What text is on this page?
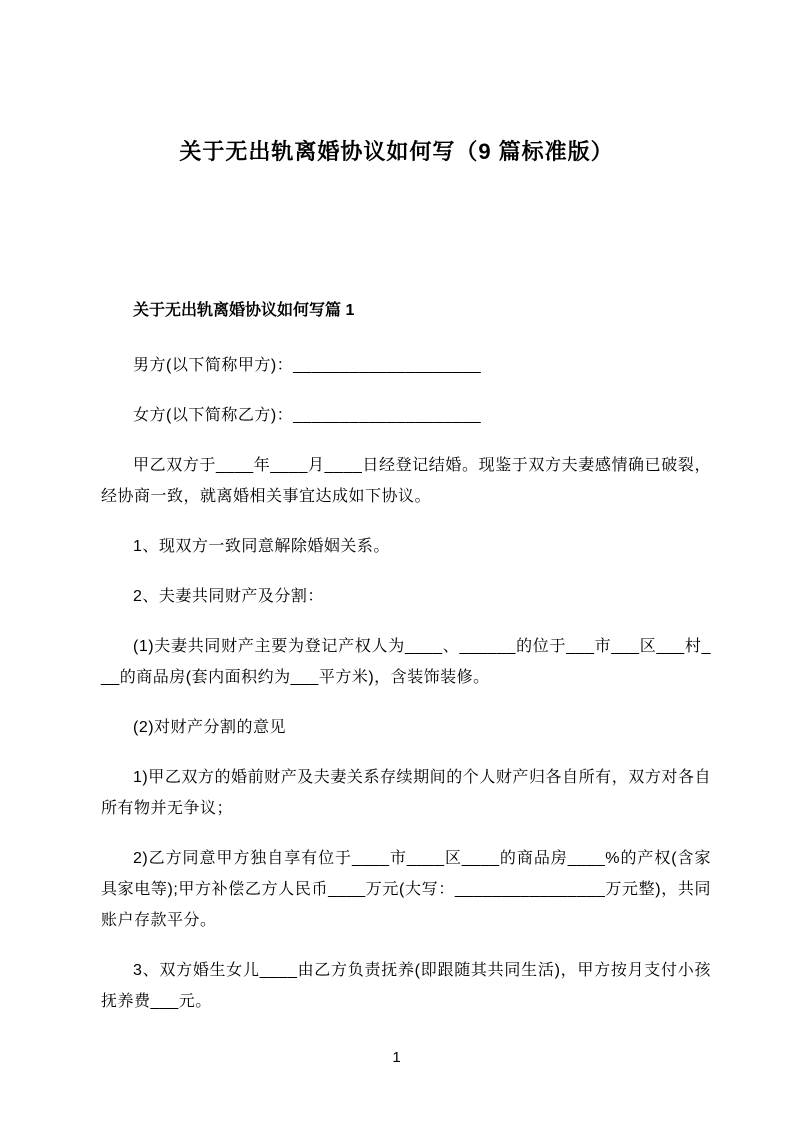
关于无出轨离婚协议如何写（9 篇标准版）
关于无出轨离婚协议如何写篇 1

男方(以下简称甲方)：____________________

女方(以下简称乙方)：____________________

甲乙双方于____年____月____日经登记结婚。现鉴于双方夫妻感情确已破裂，经协商一致，就离婚相关事宜达成如下协议。

1、现双方一致同意解除婚姻关系。

2、夫妻共同财产及分割：

(1)夫妻共同财产主要为登记产权人为____、______的位于___市___区___村___的商品房(套内面积约为___平方米)，含装饰装修。

(2)对财产分割的意见

1)甲乙双方的婚前财产及夫妻关系存续期间的个人财产归各自所有，双方对各自所有物并无争议；

2)乙方同意甲方独自享有位于____市____区____的商品房____%的产权(含家具家电等);甲方补偿乙方人民币____万元(大写：________________万元整)，共同账户存款平分。

3、双方婚生女儿____由乙方负责抚养(即跟随其共同生活)，甲方按月支付小孩抚养费___元。

1
